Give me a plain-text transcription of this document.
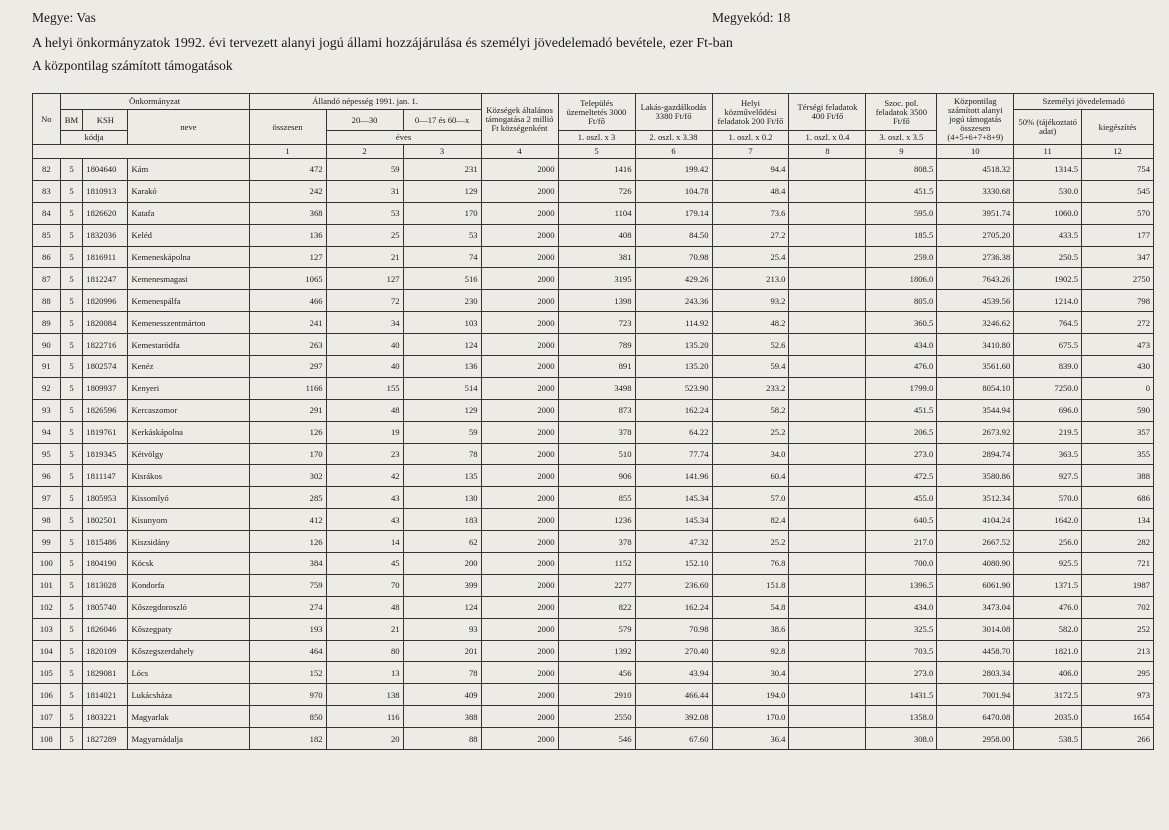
Megye: Vas	Megyekód: 18
A helyi önkormányzatok 1992. évi tervezett alanyi jogú állami hozzájárulása és személyi jövedelemadó bevétele, ezer Ft-ban
A központilag számított támogatások
No	Önkormányzat			Állandó népesség 1991. jan. 1.			Községek általános támogatása 2 millió Ft községenként	Település üzemeltetés 3000 Ft/fő	Lakás-gazdálkodás 3380 Ft/fő	Helyi közművelődési feladatok 200 Ft/fő	Térségi feladatok 400 Ft/fő	Szoc. pol. feladatok 3500 Ft/fő	Központilag számított alanyi jogú támogatás összesen (4+5+6+7+8+9)	Személyi jövedelemadó	
	BM	KSH	neve	összesen	20—30	0—17 és 60—x								50% (tájékoztató adat)	kiegészítés
	kódja				éves			1. oszl. x 3	2. oszl. x 3.38	1. oszl. x 0.2	1. oszl. x 0.4	3. oszl. x 3.5			
				1	2	3	4	5	6	7	8	9	10	11	12
82	5	1804640	Kám	472	59	231	2000	1416	199.42	94.4		808.5	4518.32	1314.5	754
83	5	1810913	Karakó	242	31	129	2000	726	104.78	48.4		451.5	3330.68	530.0	545
84	5	1826620	Katafa	368	53	170	2000	1104	179.14	73.6		595.0	3951.74	1060.0	570
85	5	1832036	Keléd	136	25	53	2000	408	84.50	27.2		185.5	2705.20	433.5	177
86	5	1816911	Kemeneskápolna	127	21	74	2000	381	70.98	25.4		259.0	2736.38	250.5	347
87	5	1812247	Kemenesmagasi	1065	127	516	2000	3195	429.26	213.0		1806.0	7643.26	1902.5	2750
88	5	1820996	Kemenespálfa	466	72	230	2000	1398	243.36	93.2		805.0	4539.56	1214.0	798
89	5	1820084	Kemenesszentmárton	241	34	103	2000	723	114.92	48.2		360.5	3246.62	764.5	272
90	5	1822716	Kemestaródfa	263	40	124	2000	789	135.20	52.6		434.0	3410.80	675.5	473
91	5	1802574	Kenéz	297	40	136	2000	891	135.20	59.4		476.0	3561.60	839.0	430
92	5	1809937	Kenyeri	1166	155	514	2000	3498	523.90	233.2		1799.0	8054.10	7250.0	0
93	5	1826596	Kercaszomor	291	48	129	2000	873	162.24	58.2		451.5	3544.94	696.0	590
94	5	1819761	Kerkáskápolna	126	19	59	2000	378	64.22	25.2		206.5	2673.92	219.5	357
95	5	1819345	Kétvölgy	170	23	78	2000	510	77.74	34.0		273.0	2894.74	363.5	355
96	5	1811147	Kisrákos	302	42	135	2000	906	141.96	60.4		472.5	3580.86	927.5	388
97	5	1805953	Kissomlyó	285	43	130	2000	855	145.34	57.0		455.0	3512.34	570.0	686
98	5	1802501	Kisunyom	412	43	183	2000	1236	145.34	82.4		640.5	4104.24	1642.0	134
99	5	1815486	Kiszsidány	126	14	62	2000	378	47.32	25.2		217.0	2667.52	256.0	282
100	5	1804190	Köcsk	384	45	200	2000	1152	152.10	76.8		700.0	4080.90	925.5	721
101	5	1813028	Kondorfa	759	70	399	2000	2277	236.60	151.8		1396.5	6061.90	1371.5	1987
102	5	1805740	Kőszegdoroszló	274	48	124	2000	822	162.24	54.8		434.0	3473.04	476.0	702
103	5	1826046	Kőszegpaty	193	21	93	2000	579	70.98	38.6		325.5	3014.08	582.0	252
104	5	1820109	Kőszegszerdahely	464	80	201	2000	1392	270.40	92.8		703.5	4458.70	1821.0	213
105	5	1829081	Lócs	152	13	78	2000	456	43.94	30.4		273.0	2803.34	406.0	295
106	5	1814021	Lukácsháza	970	138	409	2000	2910	466.44	194.0		1431.5	7001.94	3172.5	973
107	5	1803221	Magyarlak	850	116	388	2000	2550	392.08	170.0		1358.0	6470.08	2035.0	1654
108	5	1827289	Magyarnádalja	182	20	88	2000	546	67.60	36.4		308.0	2958.00	538.5	266
